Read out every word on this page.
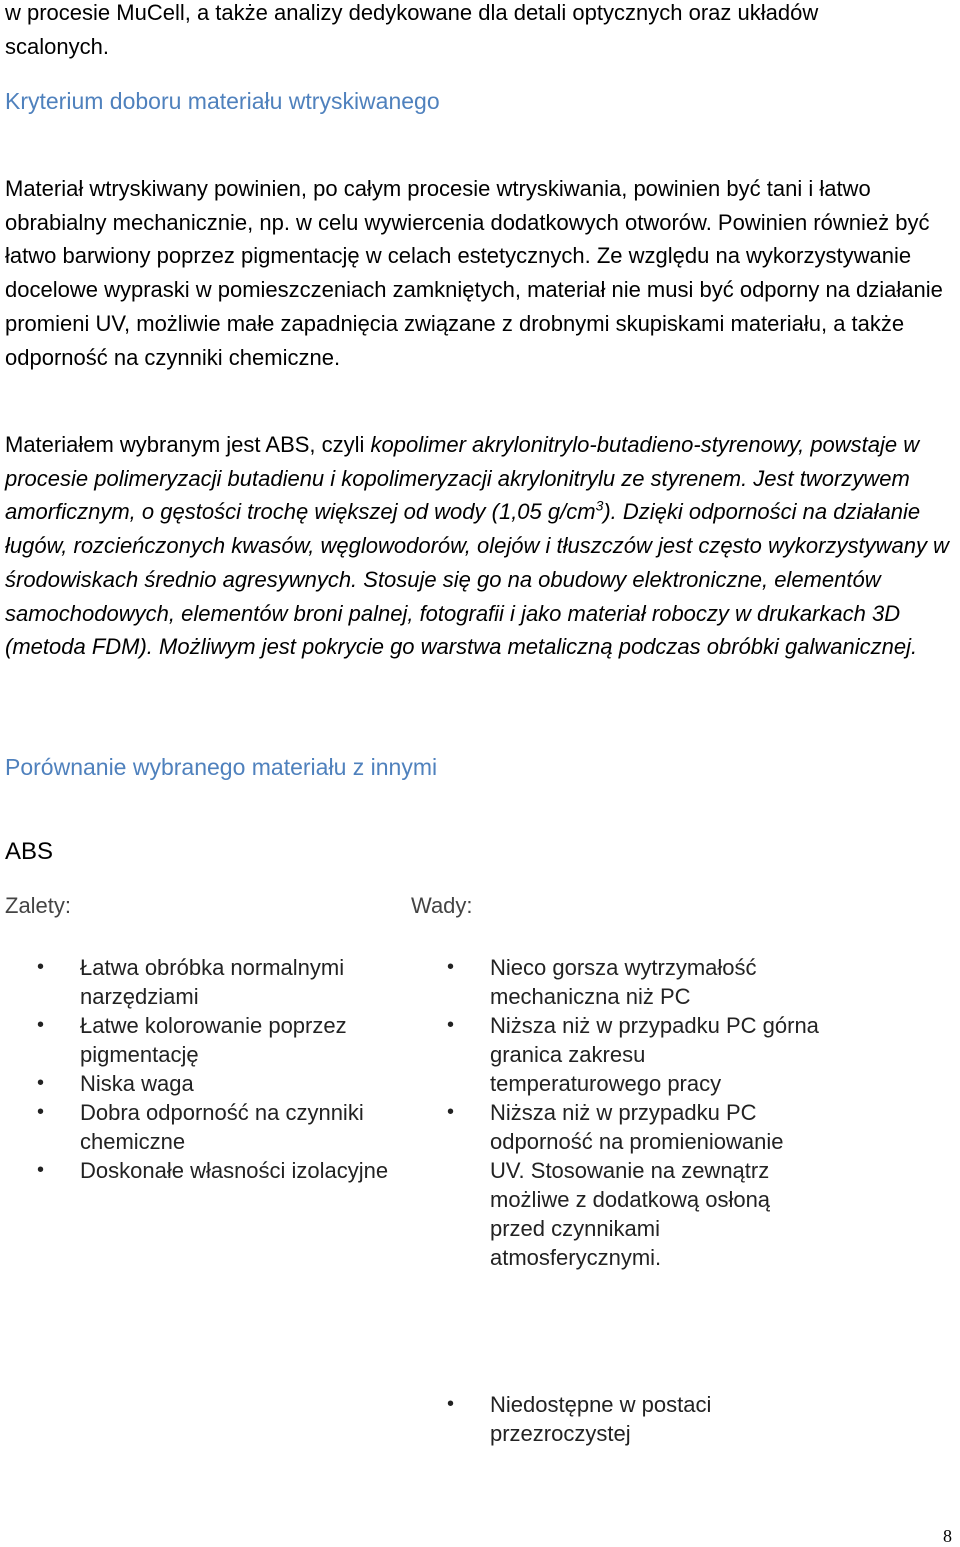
w procesie MuCell, a także analizy dedykowane dla detali optycznych oraz układów
scalonych.

Kryterium doboru materiału wtryskiwanego

Materiał wtryskiwany powinien, po całym procesie wtryskiwania, powinien być tani i łatwo obrabialny mechanicznie, np. w celu wywiercenia dodatkowych otworów. Powinien również być łatwo barwiony poprzez pigmentację w celach estetycznych. Ze względu na wykorzystywanie docelowe wypraski w pomieszczeniach zamkniętych, materiał nie musi być odporny na działanie promieni UV, możliwie małe zapadnięcia związane z drobnymi skupiskami materiału, a także odporność na czynniki chemiczne.

Materiałem wybranym jest ABS, czyli kopolimer akrylonitrylo-butadieno-styrenowy, powstaje w procesie polimeryzacji butadienu i kopolimeryzacji akrylonitrylu ze styrenem. Jest tworzywem amorficznym, o gęstości trochę większej od wody (1,05 $g/cm^3$). Dzięki odporności na działanie ługów, rozcieńczonych kwasów, węglowodorów, olejów i tłuszczów jest często wykorzystywany w środowiskach średnio agresywnych. Stosuje się go na obudowy elektroniczne, elementów samochodowych, elementów broni palnej, fotografii i jako materiał roboczy w drukarkach 3D (metoda FDM). Możliwym jest pokrycie go warstwa metaliczną podczas obróbki galwanicznej.

Porównanie wybranego materiału z innymi

ABS

Zalety:	Wady:

• Łatwa obróbka normalnymi narzędziami
• Łatwe kolorowanie poprzez pigmentację
• Niska waga
• Dobra odporność na czynniki chemiczne
• Doskonałe własności izolacyjne
• Nieco gorsza wytrzymałość mechaniczna niż PC
• Niższa niż w przypadku PC górna granica zakresu temperaturowego pracy
• Niższa niż w przypadku PC odporność na promieniowanie UV. Stosowanie na zewnątrz możliwe z dodatkową osłoną przed czynnikami atmosferycznymi.
• Niedostępne w postaci przezroczystej

8
